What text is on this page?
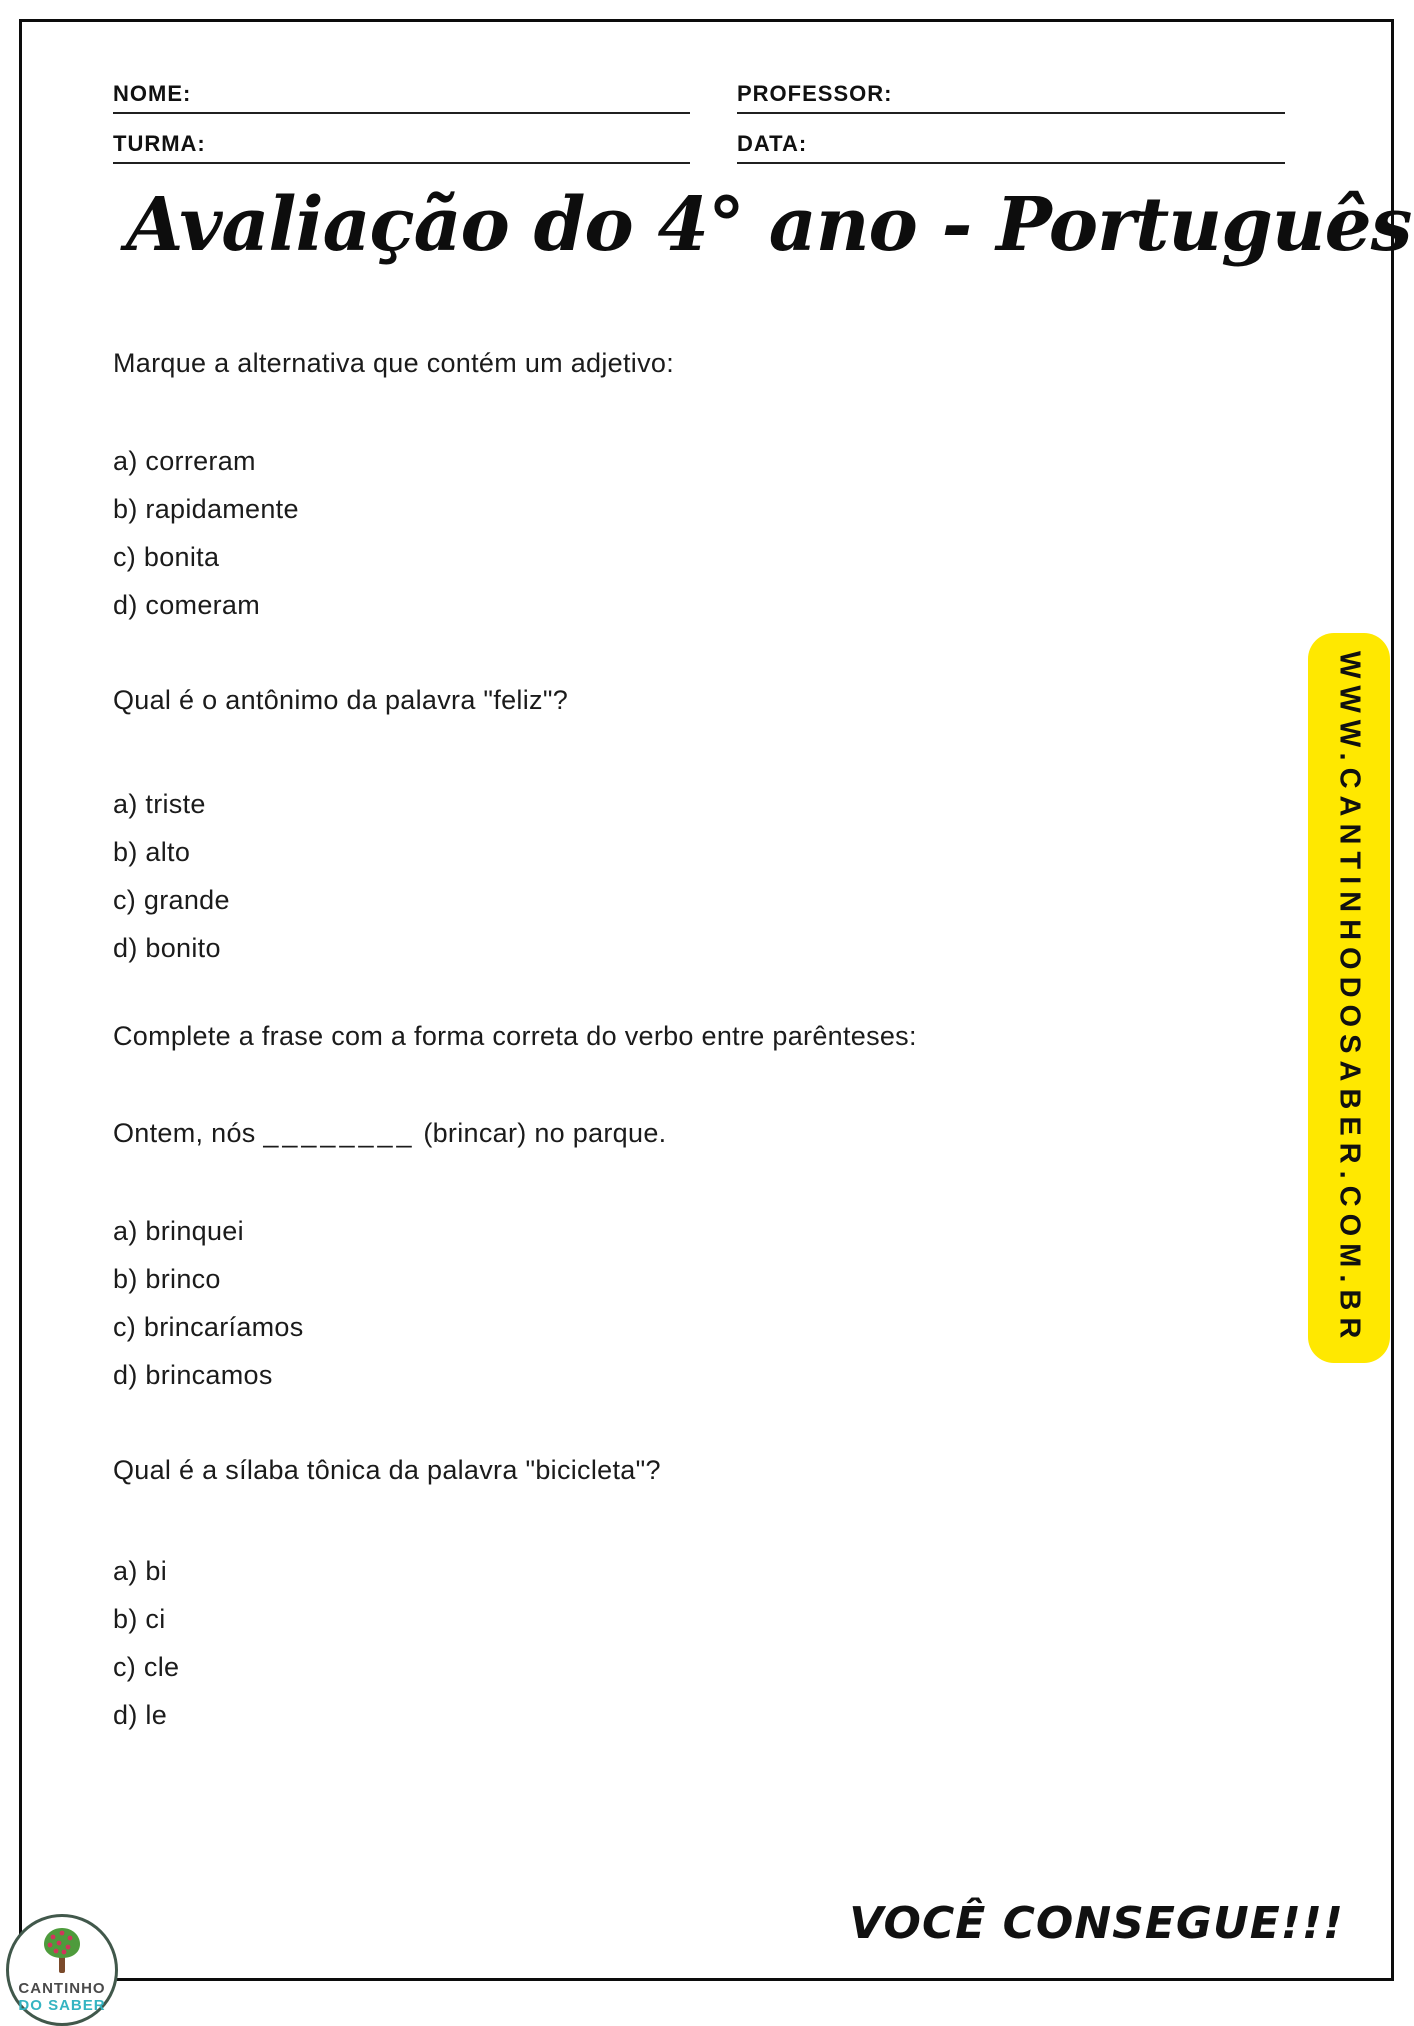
NOME:	PROFESSOR:
TURMA:	DATA:
Avaliação do 4° ano - Português
Marque a alternativa que contém um adjetivo:
a) correram
b) rapidamente
c) bonita
d) comeram
Qual é o antônimo da palavra "feliz"?
a) triste
b) alto
c) grande
d) bonito
Complete a frase com a forma correta do verbo entre parênteses:
Ontem, nós ________ (brincar) no parque.
a) brinquei
b) brinco
c) brincaríamos
d) brincamos
Qual é a sílaba tônica da palavra "bicicleta"?
a) bi
b) ci
c) cle
d) le
WWW.CANTINHODOSABER.COM.BR
CANTINHO
DO SABER
VOCÊ CONSEGUE!!!
